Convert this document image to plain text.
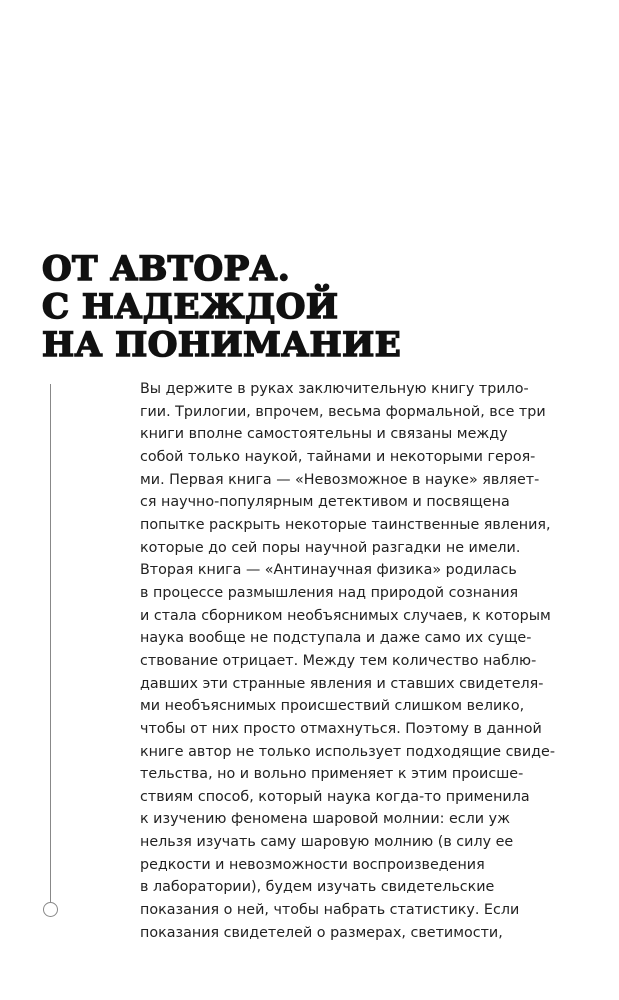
ОТ АВТОРА.
С НАДЕЖДОЙ
НА ПОНИМАНИЕ
Вы держите в руках заключительную книгу трило-
гии. Трилогии, впрочем, весьма формальной, все три
книги вполне самостоятельны и связаны между
собой только наукой, тайнами и некоторыми героя-
ми. Первая книга — «Невозможное в науке» являет-
ся научно-популярным детективом и посвящена
попытке раскрыть некоторые таинственные явления,
которые до сей поры научной разгадки не имели.
Вторая книга — «Антинаучная физика» родилась
в процессе размышления над природой сознания
и стала сборником необъяснимых случаев, к которым
наука вообще не подступала и даже само их суще-
ствование отрицает. Между тем количество наблю-
давших эти странные явления и ставших свидетеля-
ми необъяснимых происшествий слишком велико,
чтобы от них просто отмахнуться. Поэтому в данной
книге автор не только использует подходящие свиде-
тельства, но и вольно применяет к этим происше-
ствиям способ, который наука когда-то применила
к изучению феномена шаровой молнии: если уж
нельзя изучать саму шаровую молнию (в силу ее
редкости и невозможности воспроизведения
в лаборатории), будем изучать свидетельские
показания о ней, чтобы набрать статистику. Если
показания свидетелей о размерах, светимости,
